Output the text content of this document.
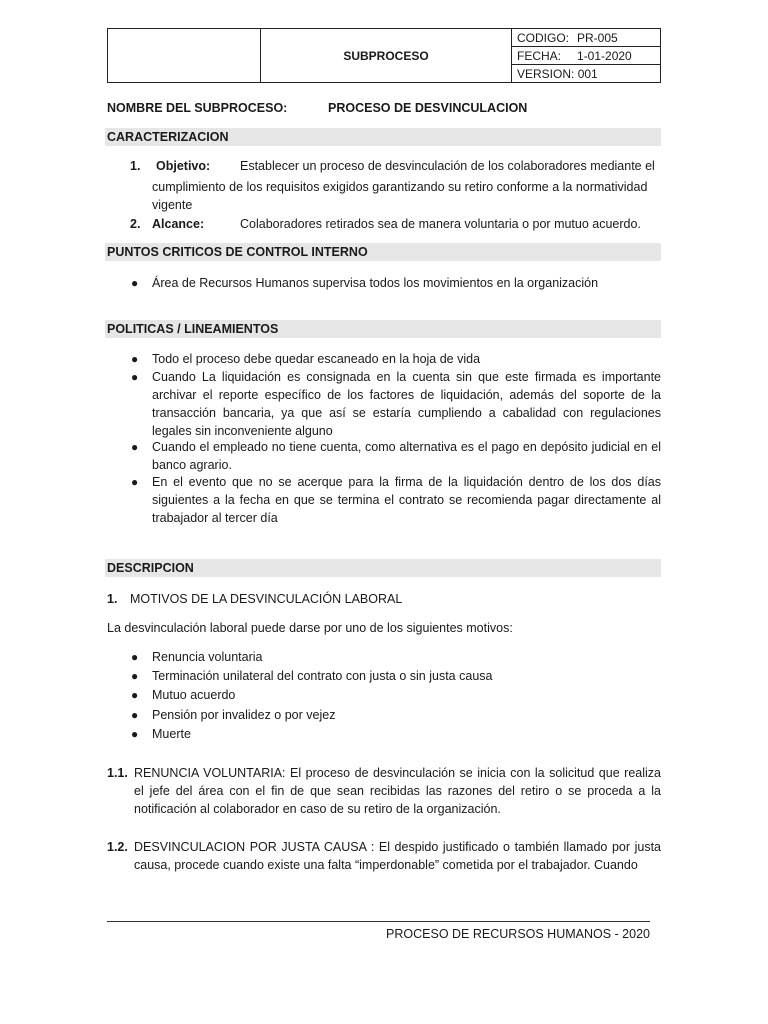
	SUBPROCESO	CODIGO: PR-005
FECHA: 1-01-2020
VERSION: 001
NOMBRE DEL SUBPROCESO:	PROCESO DE DESVINCULACION
CARACTERIZACION
1. Objetivo: Establecer un proceso de desvinculación de los colaboradores mediante el
cumplimiento de los requisitos exigidos garantizando su retiro conforme a la normatividad
vigente
2. Alcance:	Colaboradores retirados sea de manera voluntaria o por mutuo acuerdo.
PUNTOS CRITICOS DE CONTROL INTERNO
● Área de Recursos Humanos supervisa todos los movimientos en la organización
POLITICAS / LINEAMIENTOS
● Todo el proceso debe quedar escaneado en la hoja de vida
● Cuando La liquidación es consignada en la cuenta sin que este firmada es importante archivar el reporte específico de los factores de liquidación, además del soporte de la transacción bancaria, ya que así se estaría cumpliendo a cabalidad con regulaciones legales sin inconveniente alguno
● Cuando el empleado no tiene cuenta, como alternativa es el pago en depósito judicial en el banco agrario.
● En el evento que no se acerque para la firma de la liquidación dentro de los dos días siguientes a la fecha en que se termina el contrato se recomienda pagar directamente al trabajador al tercer día
DESCRIPCION
1. MOTIVOS DE LA DESVINCULACIÓN LABORAL
La desvinculación laboral puede darse por uno de los siguientes motivos:
● Renuncia voluntaria
● Terminación unilateral del contrato con justa o sin justa causa
● Mutuo acuerdo
● Pensión por invalidez o por vejez
● Muerte
1.1. RENUNCIA VOLUNTARIA: El proceso de desvinculación se inicia con la solicitud que realiza el jefe del área con el fin de que sean recibidas las razones del retiro o se proceda a la notificación al colaborador en caso de su retiro de la organización.
1.2. DESVINCULACION POR JUSTA CAUSA : El despido justificado o también llamado por justa causa, procede cuando existe una falta “imperdonable” cometida por el trabajador. Cuando
PROCESO DE RECURSOS HUMANOS - 2020
